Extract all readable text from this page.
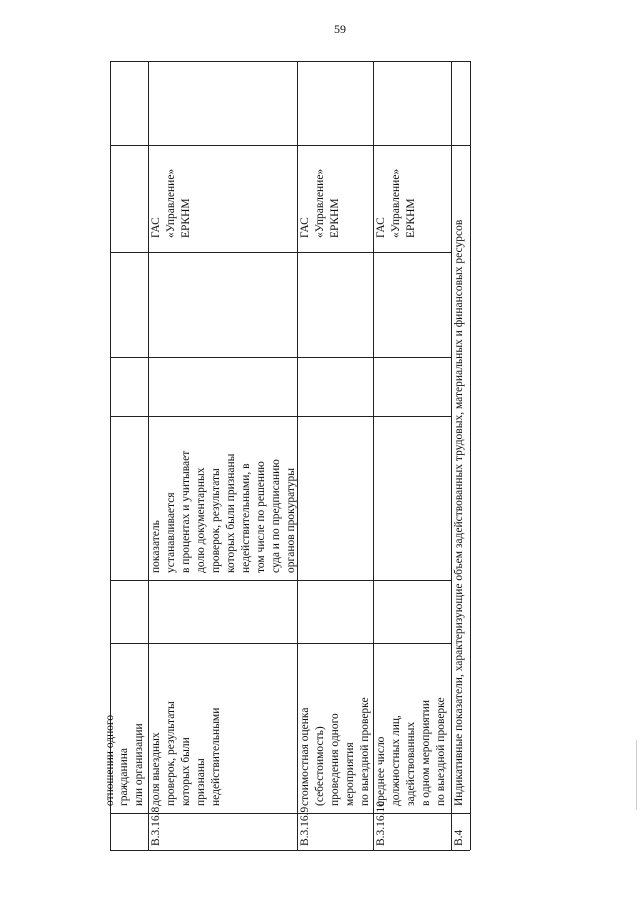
59
отношении одного гражданина или организации
B.3.16.8
доля выездных проверок, результаты которых были признаны недействительными
показатель устанавливается в процентах и учитывает долю документарных проверок, результаты которых были признаны недействительными, в том числе по решению суда и по предписанию органов прокуратуры
ГАС «Управление» ЕРКНМ
B.3.16.9
стоимостная оценка (себестоимость) проведения одного мероприятия по выездной проверке
ГАС «Управление» ЕРКНМ
B.3.16.10
среднее число должностных лиц, задействованных в одном мероприятии по выездной проверке
ГАС «Управление» ЕРКНМ
B.4
Индикативные показатели, характеризующие объем задействованных трудовых, материальных и финансовых ресурсов
